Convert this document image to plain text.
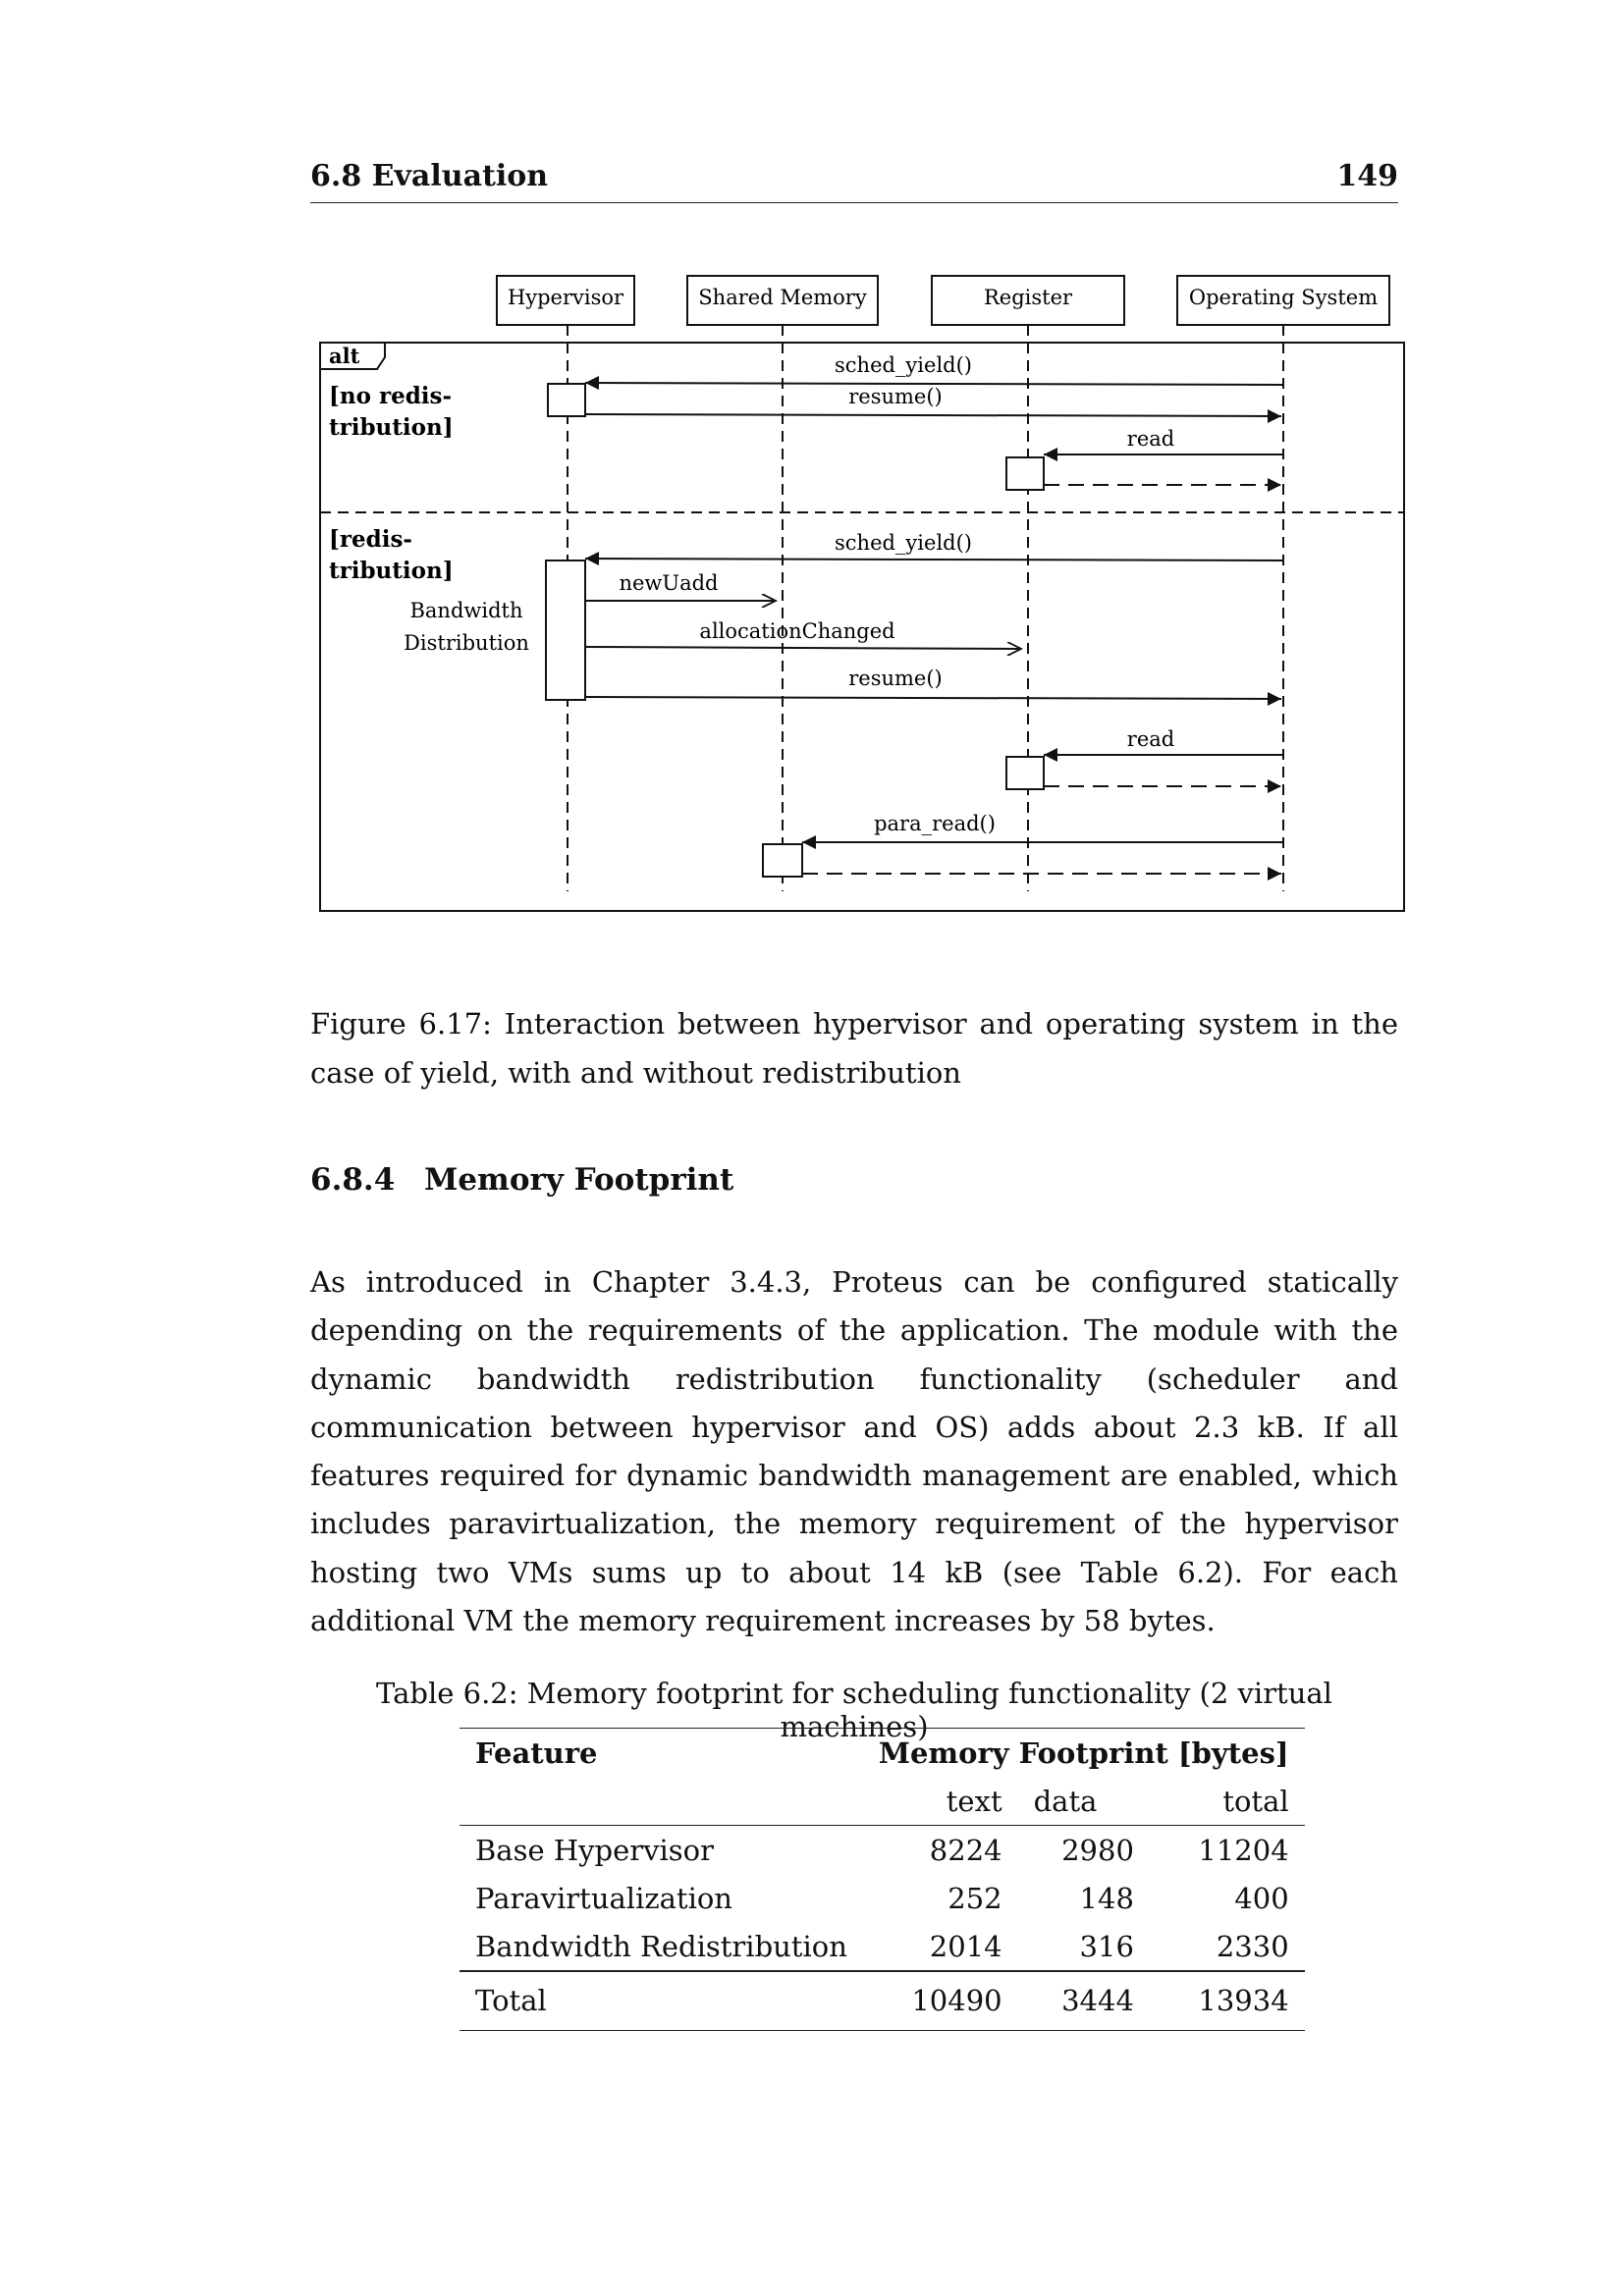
6.8 Evaluation	149
Hypervisor	Shared Memory	Register	Operating System
alt
[no redis-
tribution]
[redis-
tribution]
Bandwidth
Distribution
sched_yield()
resume()
read
sched_yield()
newUadd
allocationChanged
resume()
read
para_read()
Figure 6.17: Interaction between hypervisor and operating system in the case of yield, with and without redistribution
6.8.4 Memory Footprint
As introduced in Chapter 3.4.3, Proteus can be configured statically depending on the requirements of the application. The module with the dynamic bandwidth redistribution functionality (scheduler and communication between hypervisor and OS) adds about 2.3 kB. If all features required for dynamic bandwidth management are enabled, which includes paravirtualization, the memory requirement of the hypervisor hosting two VMs sums up to about 14 kB (see Table 6.2). For each additional VM the memory requirement increases by 58 bytes.
Table 6.2: Memory footprint for scheduling functionality (2 virtual machines)
Feature	Memory Footprint [bytes]		
	text	data	total
Base Hypervisor	8224	2980	11204
Paravirtualization	252	148	400
Bandwidth Redistribution	2014	316	2330
Total	10490	3444	13934
